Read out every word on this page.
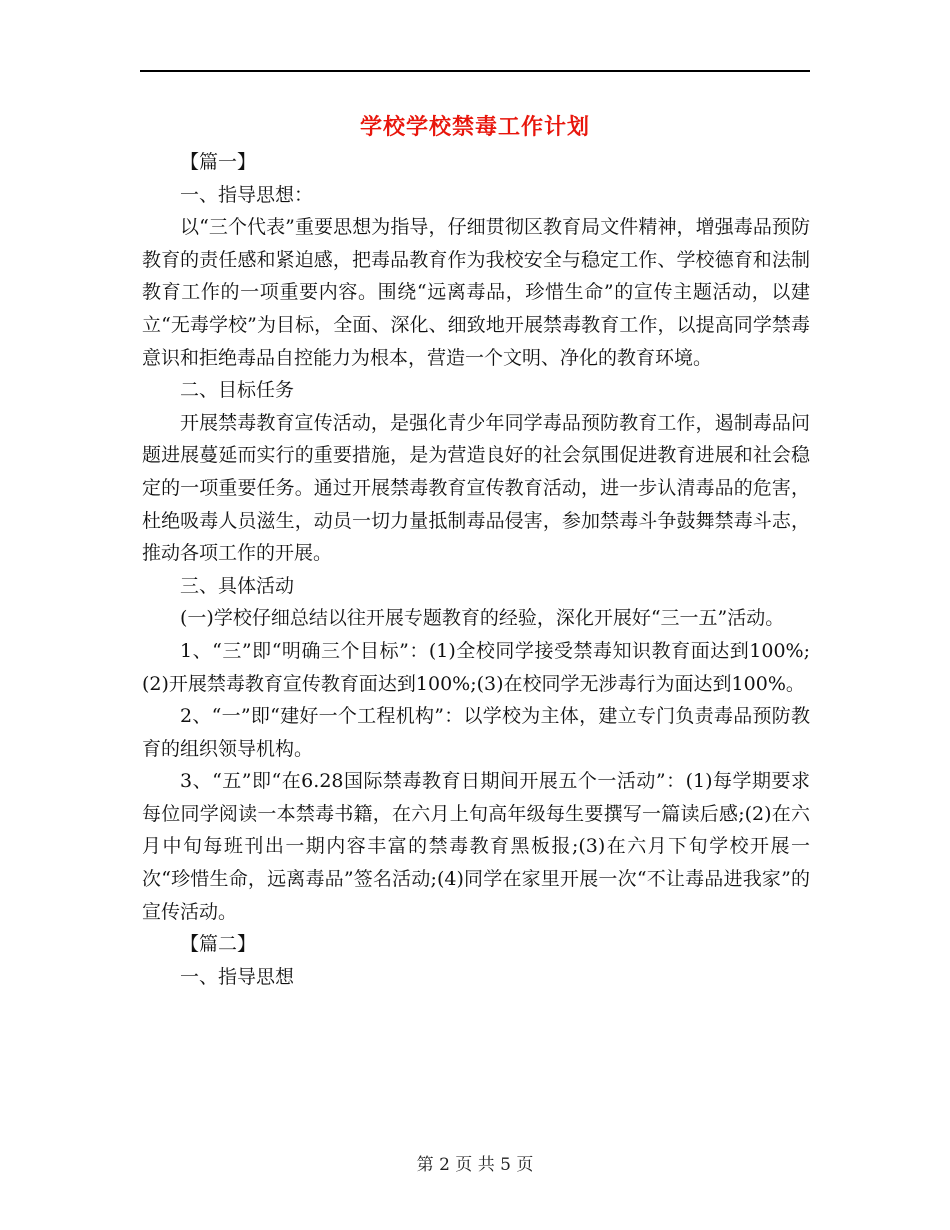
学校学校禁毒工作计划

【篇一】

一、指导思想：

以“三个代表”重要思想为指导，仔细贯彻区教育局文件精神，增强毒品预防教育的责任感和紧迫感，把毒品教育作为我校安全与稳定工作、学校德育和法制教育工作的一项重要内容。围绕“远离毒品，珍惜生命”的宣传主题活动，以建立“无毒学校”为目标，全面、深化、细致地开展禁毒教育工作，以提高同学禁毒意识和拒绝毒品自控能力为根本，营造一个文明、净化的教育环境。

二、目标任务

开展禁毒教育宣传活动，是强化青少年同学毒品预防教育工作，遏制毒品问题进展蔓延而实行的重要措施，是为营造良好的社会氛围促进教育进展和社会稳定的一项重要任务。通过开展禁毒教育宣传教育活动，进一步认清毒品的危害，杜绝吸毒人员滋生，动员一切力量抵制毒品侵害，参加禁毒斗争鼓舞禁毒斗志，推动各项工作的开展。

三、具体活动

(一)学校仔细总结以往开展专题教育的经验，深化开展好“三一五”活动。

1、“三”即“明确三个目标”：(1)全校同学接受禁毒知识教育面达到100%;(2)开展禁毒教育宣传教育面达到100%;(3)在校同学无涉毒行为面达到100%。

2、“一”即“建好一个工程机构”：以学校为主体，建立专门负责毒品预防教育的组织领导机构。

3、“五”即“在6.28国际禁毒教育日期间开展五个一活动”：(1)每学期要求每位同学阅读一本禁毒书籍，在六月上旬高年级每生要撰写一篇读后感;(2)在六月中旬每班刊出一期内容丰富的禁毒教育黑板报;(3)在六月下旬学校开展一次“珍惜生命，远离毒品”签名活动;(4)同学在家里开展一次“不让毒品进我家”的宣传活动。

【篇二】

一、指导思想

第 2 页 共 5 页
